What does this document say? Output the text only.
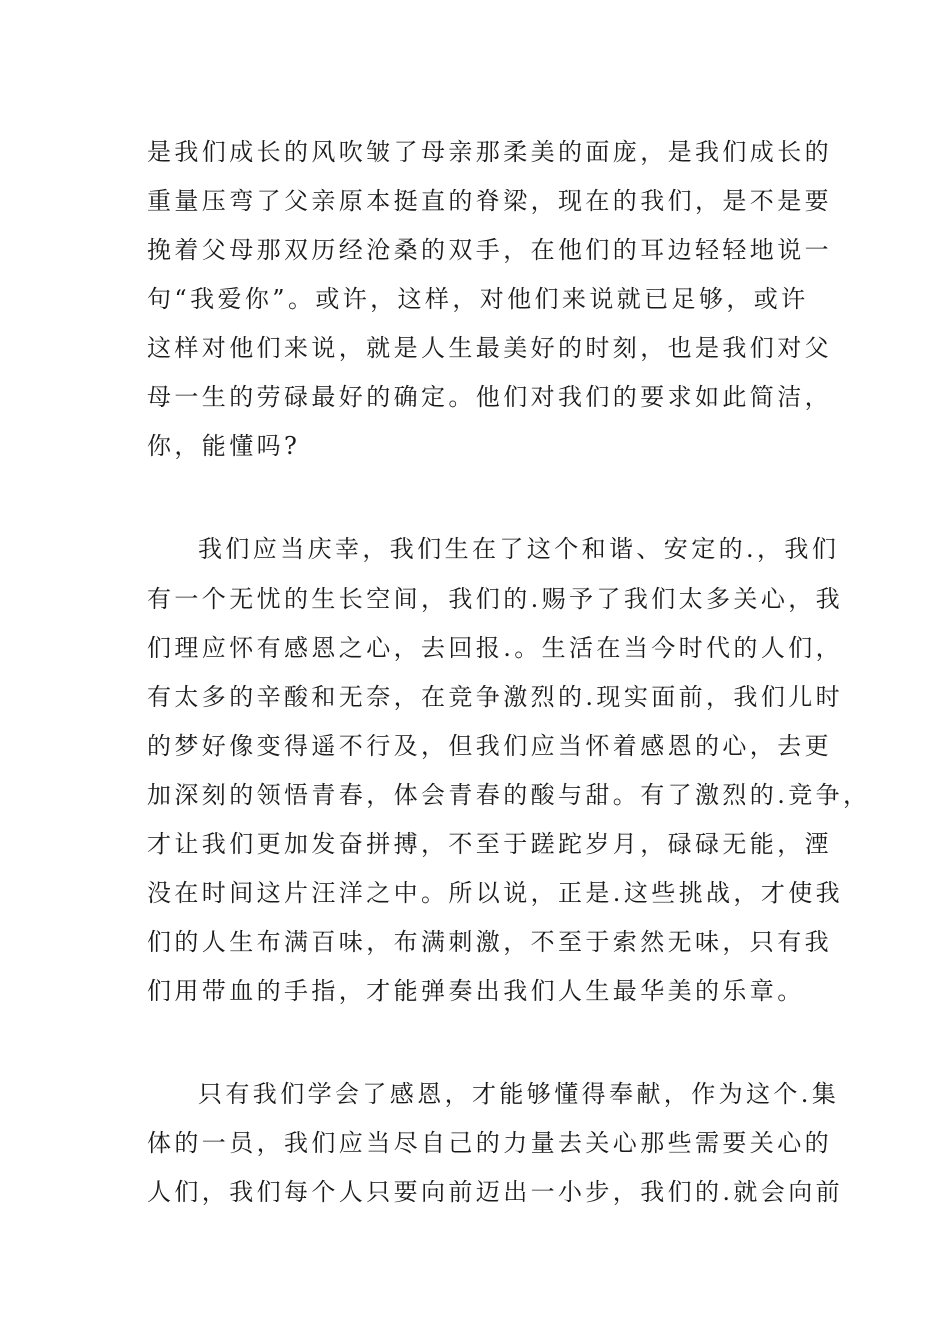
是我们成长的风吹皱了母亲那柔美的面庞，是我们成长的
重量压弯了父亲原本挺直的脊梁，现在的我们，是不是要
挽着父母那双历经沧桑的双手，在他们的耳边轻轻地说一
句“我爱你”。或许，这样，对他们来说就已足够，或许
这样对他们来说，就是人生最美好的时刻，也是我们对父
母一生的劳碌最好的确定。他们对我们的要求如此简洁，
你，能懂吗?
我们应当庆幸，我们生在了这个和谐、安定的.，我们
有一个无忧的生长空间，我们的.赐予了我们太多关心，我
们理应怀有感恩之心，去回报.。生活在当今时代的人们，
有太多的辛酸和无奈，在竞争激烈的.现实面前，我们儿时
的梦好像变得遥不行及，但我们应当怀着感恩的心，去更
加深刻的领悟青春，体会青春的酸与甜。有了激烈的.竞争，
才让我们更加发奋拼搏，不至于蹉跎岁月，碌碌无能，湮
没在时间这片汪洋之中。所以说，正是.这些挑战，才使我
们的人生布满百味，布满刺激，不至于索然无味，只有我
们用带血的手指，才能弹奏出我们人生最华美的乐章。
只有我们学会了感恩，才能够懂得奉献，作为这个.集
体的一员，我们应当尽自己的力量去关心那些需要关心的
人们，我们每个人只要向前迈出一小步，我们的.就会向前
